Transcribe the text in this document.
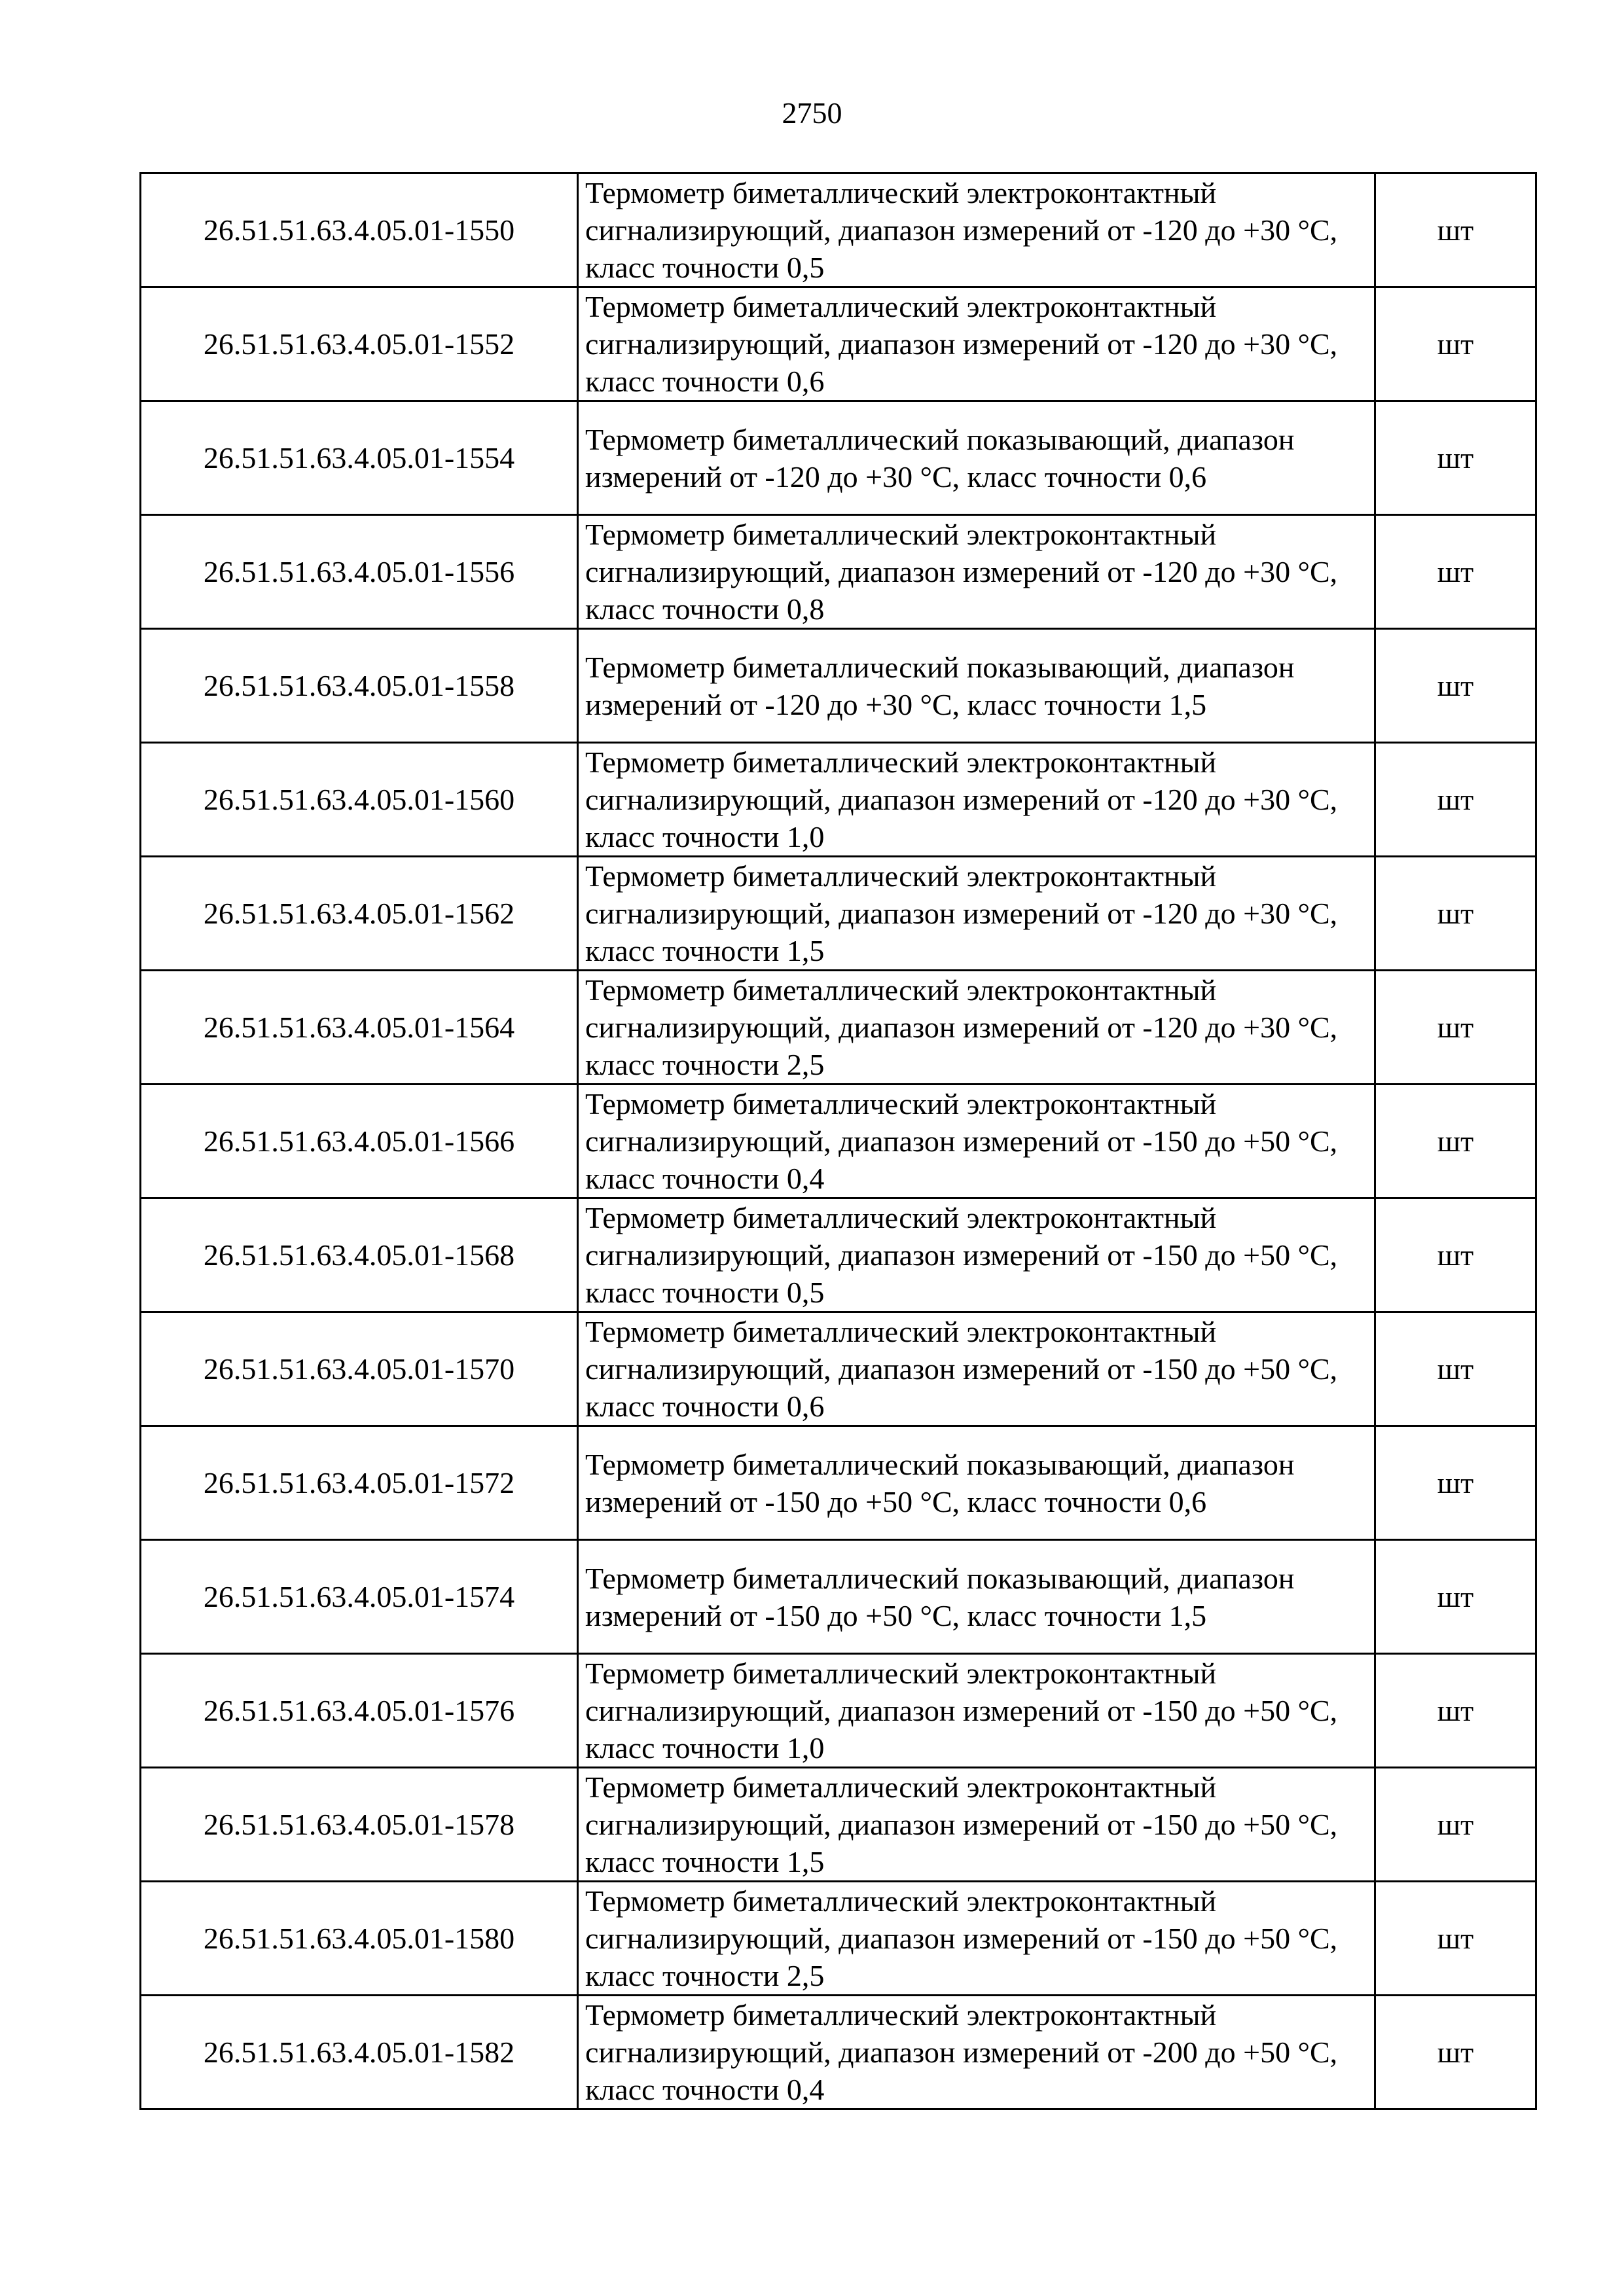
2750
26.51.51.63.4.05.01-1550	Термометр биметаллический электроконтактный сигнализирующий, диапазон измерений от -120 до +30 °С, класс точности 0,5	шт
26.51.51.63.4.05.01-1552	Термометр биметаллический электроконтактный сигнализирующий, диапазон измерений от -120 до +30 °С, класс точности 0,6	шт
26.51.51.63.4.05.01-1554	Термометр биметаллический показывающий, диапазон измерений от -120 до +30 °С, класс точности 0,6	шт
26.51.51.63.4.05.01-1556	Термометр биметаллический электроконтактный сигнализирующий, диапазон измерений от -120 до +30 °С, класс точности 0,8	шт
26.51.51.63.4.05.01-1558	Термометр биметаллический показывающий, диапазон измерений от -120 до +30 °С, класс точности 1,5	шт
26.51.51.63.4.05.01-1560	Термометр биметаллический электроконтактный сигнализирующий, диапазон измерений от -120 до +30 °С, класс точности 1,0	шт
26.51.51.63.4.05.01-1562	Термометр биметаллический электроконтактный сигнализирующий, диапазон измерений от -120 до +30 °С, класс точности 1,5	шт
26.51.51.63.4.05.01-1564	Термометр биметаллический электроконтактный сигнализирующий, диапазон измерений от -120 до +30 °С, класс точности 2,5	шт
26.51.51.63.4.05.01-1566	Термометр биметаллический электроконтактный сигнализирующий, диапазон измерений от -150 до +50 °С, класс точности 0,4	шт
26.51.51.63.4.05.01-1568	Термометр биметаллический электроконтактный сигнализирующий, диапазон измерений от -150 до +50 °С, класс точности 0,5	шт
26.51.51.63.4.05.01-1570	Термометр биметаллический электроконтактный сигнализирующий, диапазон измерений от -150 до +50 °С, класс точности 0,6	шт
26.51.51.63.4.05.01-1572	Термометр биметаллический показывающий, диапазон измерений от -150 до +50 °С, класс точности 0,6	шт
26.51.51.63.4.05.01-1574	Термометр биметаллический показывающий, диапазон измерений от -150 до +50 °С, класс точности 1,5	шт
26.51.51.63.4.05.01-1576	Термометр биметаллический электроконтактный сигнализирующий, диапазон измерений от -150 до +50 °С, класс точности 1,0	шт
26.51.51.63.4.05.01-1578	Термометр биметаллический электроконтактный сигнализирующий, диапазон измерений от -150 до +50 °С, класс точности 1,5	шт
26.51.51.63.4.05.01-1580	Термометр биметаллический электроконтактный сигнализирующий, диапазон измерений от -150 до +50 °С, класс точности 2,5	шт
26.51.51.63.4.05.01-1582	Термометр биметаллический электроконтактный сигнализирующий, диапазон измерений от -200 до +50 °С, класс точности 0,4	шт
